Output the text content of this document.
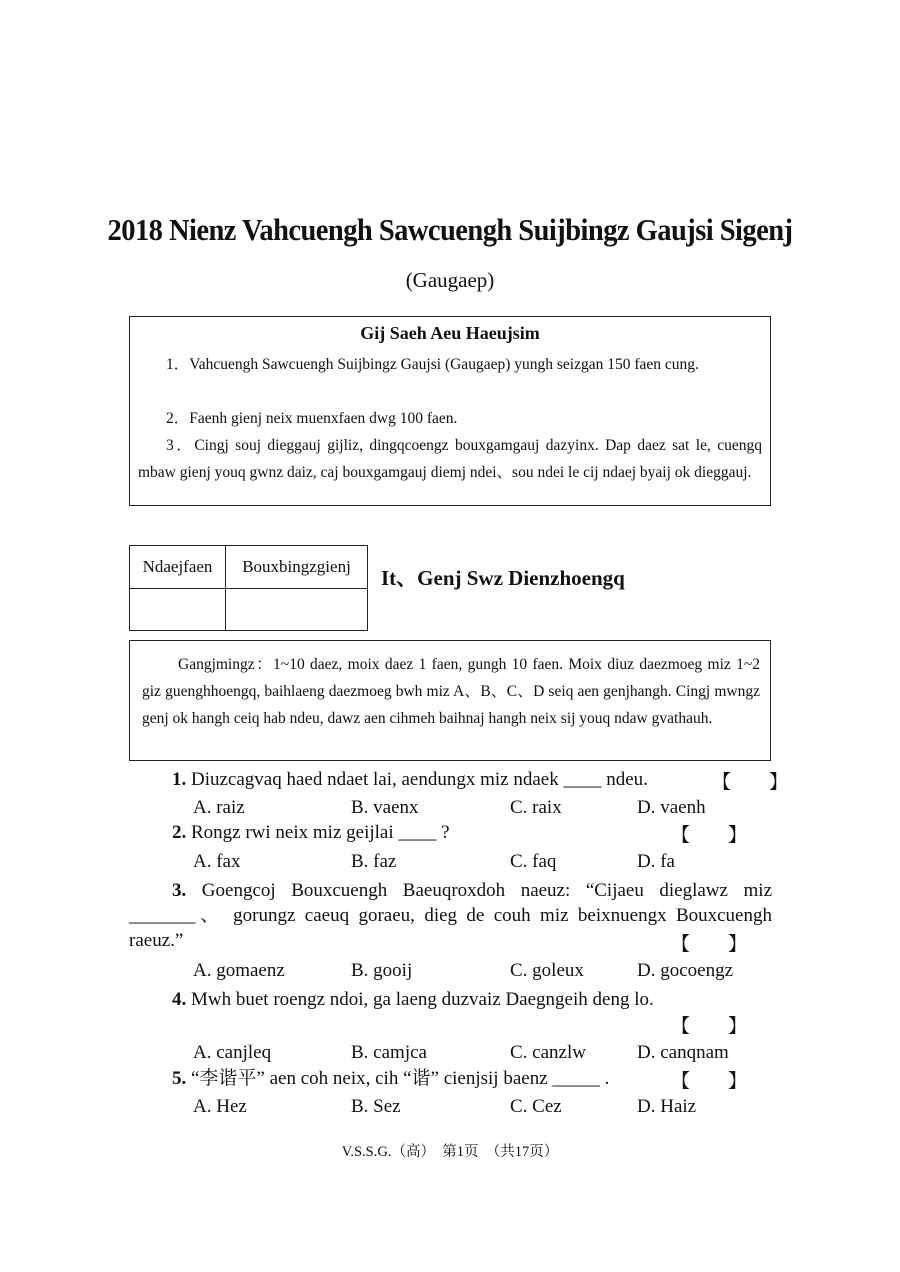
2018 Nienz Vahcuengh Sawcuengh Suijbingz Gaujsi Sigenj
(Gaugaep)
Gij Saeh Aeu Haeujsim
1．Vahcuengh Sawcuengh Suijbingz Gaujsi (Gaugaep) yungh seizgan 150 faen cung.
2．Faenh gienj neix muenxfaen dwg 100 faen.
3．Cingj souj dieggauj gijliz, dingqcoengz bouxgamgauj dazyinx. Dap daez sat le, cuengq mbaw gienj youq gwnz daiz, caj bouxgamgauj diemj ndei、sou ndei le cij ndaej byaij ok dieggauj.
Ndaejfaen	Bouxbingzgienj
	It、Genj Swz Dienzhoengq
Gangjmingz：1~10 daez, moix daez 1 faen, gungh 10 faen. Moix diuz daezmoeg miz 1~2 giz guenghhoengq, baihlaeng daezmoeg bwh miz A、B、C、D seiq aen genjhangh. Cingj mwngz genj ok hangh ceiq hab ndeu, dawz aen cihmeh baihnaj hangh neix sij youq ndaw gvathauh.
1. Diuzcagvaq haed ndaet lai, aendungx miz ndaek ____ ndeu.	【　　】
A. raiz	B. vaenx	C. raix	D. vaenh
2. Rongz rwi neix miz geijlai ____ ?	【　　】
A. fax	B. faz	C. faq	D. fa
3. Goengcoj Bouxcuengh Baeuqroxdoh naeuz: “Cijaeu dieglawz miz _______、 gorungz caeuq goraeu, dieg de couh miz beixnuengx Bouxcuengh raeuz.”	【　　】
A. gomaenz	B. gooij	C. goleux	D. gocoengz
4. Mwh buet roengz ndoi, ga laeng duzvaiz Daegngeih deng lo.
【　　】
A. canjleq	B. camjca	C. canzlw	D. canqnam
5. “李谐平” aen coh neix, cih “谐” cienjsij baenz _____ .	【　　】
A. Hez	B. Sez	C. Cez	D. Haiz
V.S.S.G.（高）　第1页　（共17页）
